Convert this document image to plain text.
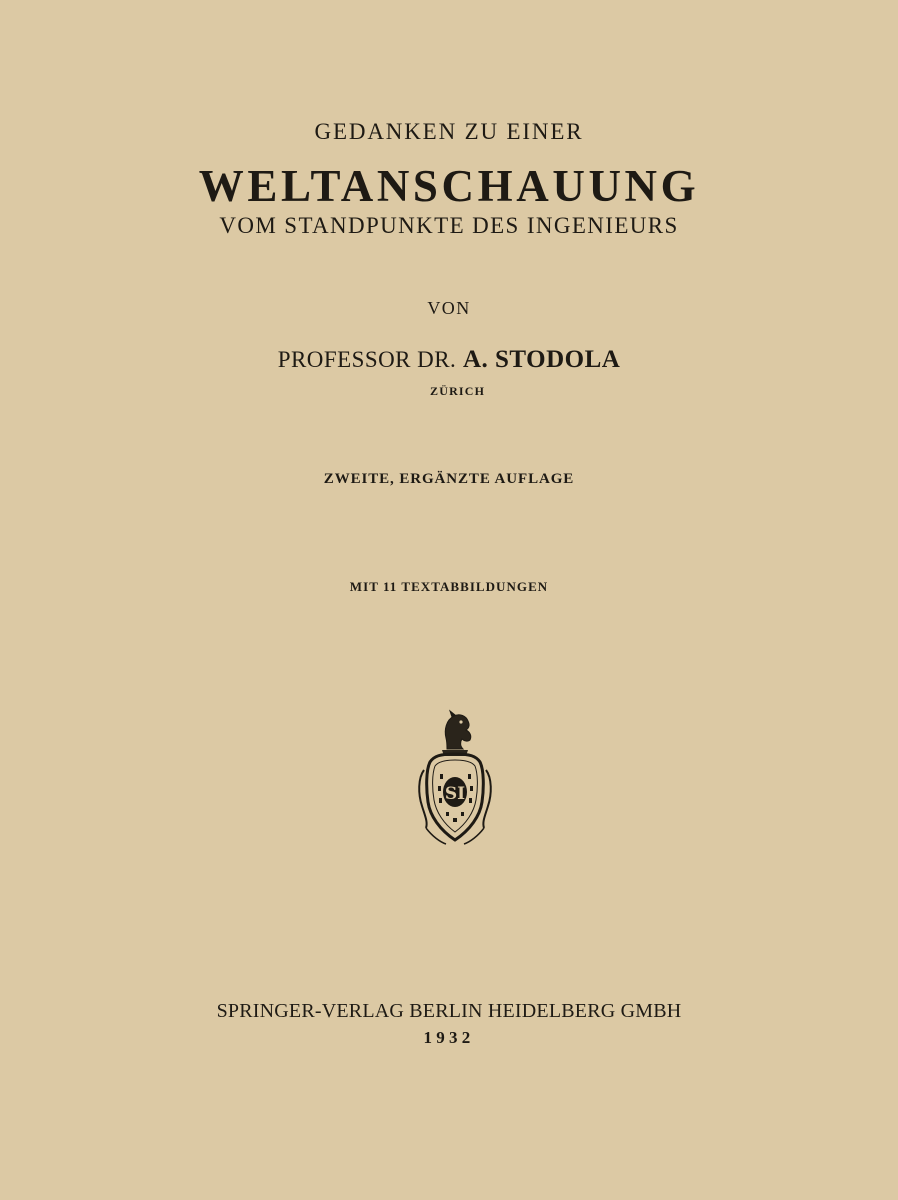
GEDANKEN ZU EINER
WELTANSCHAUUNG
VOM STANDPUNKTE DES INGENIEURS
VON
PROFESSOR DR. A. STODOLA
ZÜRICH
ZWEITE, ERGÄNZTE AUFLAGE
MIT 11 TEXTABBILDUNGEN
SI
SPRINGER-VERLAG BERLIN HEIDELBERG GMBH
1932
